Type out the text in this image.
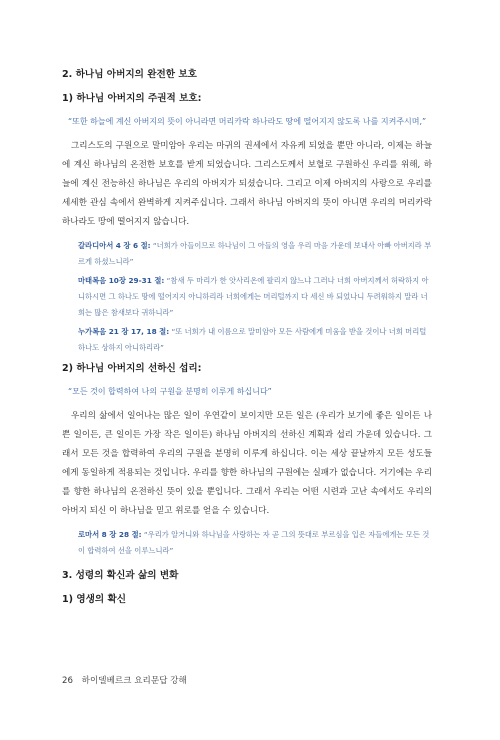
2. 하나님 아버지의 완전한 보호
1) 하나님 아버지의 주권적 보호:
“또한 하늘에 계신 아버지의 뜻이 아니라면 머리카락 하나라도 땅에 떨어지지 않도록 나를 지켜주시며,”
그리스도의 구원으로 말미암아 우리는 마귀의 권세에서 자유케 되었을 뿐만 아니라, 이제는 하늘에 계신 하나님의 온전한 보호를 받게 되었습니다. 그리스도께서 보혈로 구원하신 우리를 위해, 하늘에 계신 전능하신 하나님은 우리의 아버지가 되셨습니다. 그리고 이제 아버지의 사랑으로 우리를 세세한 관심 속에서 완벽하게 지켜주십니다. 그래서 하나님 아버지의 뜻이 아니면 우리의 머리카락 하나라도 땅에 떨어지지 않습니다.
갈라디아서 4 장 6 절: “너희가 아들이므로 하나님이 그 아들의 영을 우리 마음 가운데 보내사 아빠 아버지라 부르게 하셨느니라”
마태복음 10장 29-31 절: “참새 두 마리가 한 앗사리온에 팔리지 않느냐 그러나 너희 아버지께서 허락하지 아니하시면 그 하나도 땅에 떨어지지 아니하리라 너희에게는 머리털까지 다 세신 바 되었나니 두려워하지 말라 너희는 많은 참새보다 귀하니라”
누가복음 21 장 17, 18 절: “또 너희가 내 이름으로 말미암아 모든 사람에게 미움을 받을 것이나 너희 머리털 하나도 상하지 아니하리라”
2) 하나님 아버지의 선하신 섭리:
“모든 것이 합력하여 나의 구원을 분명히 이루게 하십니다”
우리의 삶에서 일어나는 많은 일이 우연같이 보이지만 모든 일은 (우리가 보기에 좋은 일이든 나쁜 일이든, 큰 일이든 가장 작은 일이든) 하나님 아버지의 선하신 계획과 섭리 가운데 있습니다. 그래서 모든 것을 합력하여 우리의 구원을 분명히 이루게 하십니다. 이는 세상 끝날까지 모든 성도들에게 동일하게 적용되는 것입니다. 우리를 향한 하나님의 구원에는 실패가 없습니다. 거기에는 우리를 향한 하나님의 온전하신 뜻이 있을 뿐입니다. 그래서 우리는 어떤 시련과 고난 속에서도 우리의 아버지 되신 이 하나님을 믿고 위로를 얻을 수 있습니다.
로마서 8 장 28 절: “우리가 알거니와 하나님을 사랑하는 자 곧 그의 뜻대로 부르심을 입은 자들에게는 모든 것이 합력하여 선을 이루느니라”
3. 성령의 확신과 삶의 변화
1) 영생의 확신
26 하이델베르크 요리문답 강해
